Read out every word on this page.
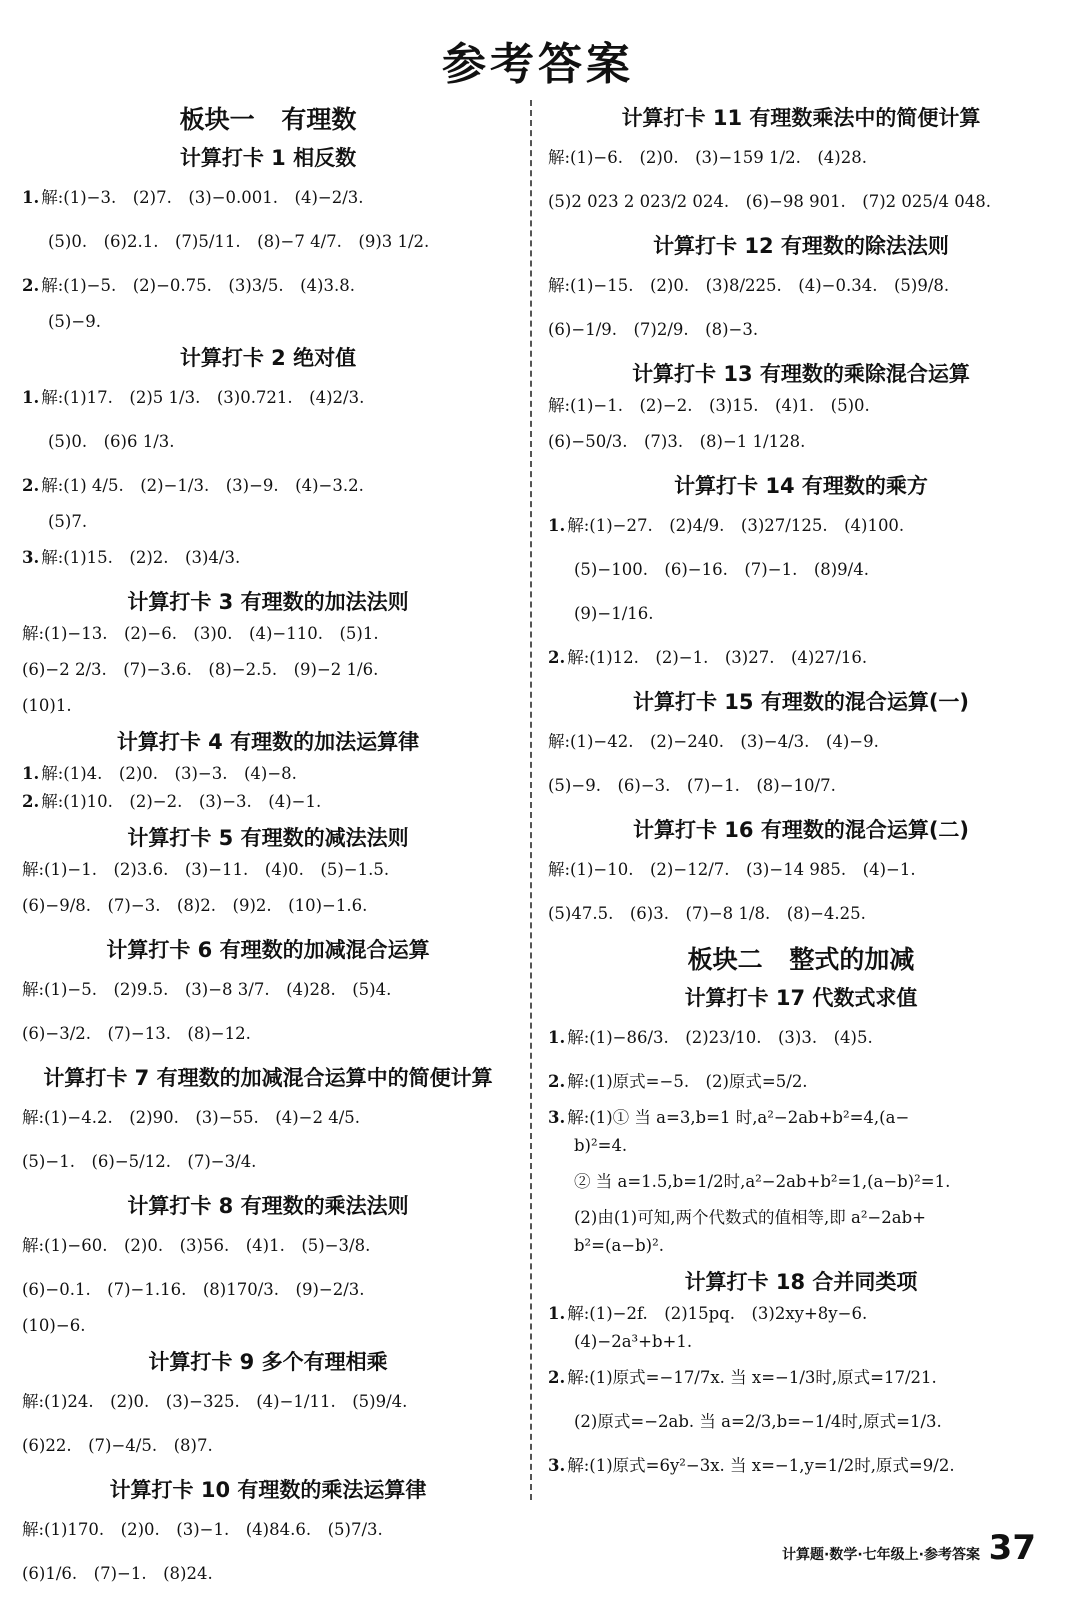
参考答案
板块一 有理数
计算打卡 1 相反数
1. 解:(1)−3.　(2)7.　(3)−0.001.　(4)−2/3.
(5)0.　(6)2.1.　(7)5/11.　(8)−7 4/7.　(9)3 1/2.
2. 解:(1)−5.　(2)−0.75.　(3)3/5.　(4)3.8.
(5)−9.
计算打卡 2 绝对值
1. 解:(1)17.　(2)5 1/3.　(3)0.721.　(4)2/3.
(5)0.　(6)6 1/3.
2. 解:(1) 4/5.　(2)−1/3.　(3)−9.　(4)−3.2.
(5)7.
3. 解:(1)15.　(2)2.　(3)4/3.
计算打卡 3 有理数的加法法则
解:(1)−13.　(2)−6.　(3)0.　(4)−110.　(5)1.
(6)−2 2/3.　(7)−3.6.　(8)−2.5.　(9)−2 1/6.
(10)1.
计算打卡 4 有理数的加法运算律
1. 解:(1)4.　(2)0.　(3)−3.　(4)−8.
2. 解:(1)10.　(2)−2.　(3)−3.　(4)−1.
计算打卡 5 有理数的减法法则
解:(1)−1.　(2)3.6.　(3)−11.　(4)0.　(5)−1.5.
(6)−9/8.　(7)−3.　(8)2.　(9)2.　(10)−1.6.
计算打卡 6 有理数的加减混合运算
解:(1)−5.　(2)9.5.　(3)−8 3/7.　(4)28.　(5)4.
(6)−3/2.　(7)−13.　(8)−12.
计算打卡 7 有理数的加减混合运算中的简便计算
解:(1)−4.2.　(2)90.　(3)−55.　(4)−2 4/5.
(5)−1.　(6)−5/12.　(7)−3/4.
计算打卡 8 有理数的乘法法则
解:(1)−60.　(2)0.　(3)56.　(4)1.　(5)−3/8.
(6)−0.1.　(7)−1.16.　(8)170/3.　(9)−2/3.
(10)−6.
计算打卡 9 多个有理相乘
解:(1)24.　(2)0.　(3)−325.　(4)−1/11.　(5)9/4.
(6)22.　(7)−4/5.　(8)7.
计算打卡 10 有理数的乘法运算律
解:(1)170.　(2)0.　(3)−1.　(4)84.6.　(5)7/3.
(6)1/6.　(7)−1.　(8)24.
计算打卡 11 有理数乘法中的简便计算
解:(1)−6.　(2)0.　(3)−159 1/2.　(4)28.
(5)2 023 2 023/2 024.　(6)−98 901.　(7)2 025/4 048.
计算打卡 12 有理数的除法法则
解:(1)−15.　(2)0.　(3)8/225.　(4)−0.34.　(5)9/8.
(6)−1/9.　(7)2/9.　(8)−3.
计算打卡 13 有理数的乘除混合运算
解:(1)−1.　(2)−2.　(3)15.　(4)1.　(5)0.
(6)−50/3.　(7)3.　(8)−1 1/128.
计算打卡 14 有理数的乘方
1. 解:(1)−27.　(2)4/9.　(3)27/125.　(4)100.
(5)−100.　(6)−16.　(7)−1.　(8)9/4.
(9)−1/16.
2. 解:(1)12.　(2)−1.　(3)27.　(4)27/16.
计算打卡 15 有理数的混合运算(一)
解:(1)−42.　(2)−240.　(3)−4/3.　(4)−9.
(5)−9.　(6)−3.　(7)−1.　(8)−10/7.
计算打卡 16 有理数的混合运算(二)
解:(1)−10.　(2)−12/7.　(3)−14 985.　(4)−1.
(5)47.5.　(6)3.　(7)−8 1/8.　(8)−4.25.
板块二 整式的加减
计算打卡 17 代数式求值
1. 解:(1)−86/3.　(2)23/10.　(3)3.　(4)5.
2. 解:(1)原式=−5.　(2)原式=5/2.
3. 解:(1)① 当 a=3,b=1 时,a²−2ab+b²=4,(a−
b)²=4.
② 当 a=1.5,b=1/2时,a²−2ab+b²=1,(a−b)²=1.
(2)由(1)可知,两个代数式的值相等,即 a²−2ab+
b²=(a−b)².
计算打卡 18 合并同类项
1. 解:(1)−2f.　(2)15pq.　(3)2xy+8y−6.
(4)−2a³+b+1.
2. 解:(1)原式=−17/7x. 当 x=−1/3时,原式=17/21.
(2)原式=−2ab. 当 a=2/3,b=−1/4时,原式=1/3.
3. 解:(1)原式=6y²−3x. 当 x=−1,y=1/2时,原式=9/2.
计算题·数学·七年级上·参考答案 37
